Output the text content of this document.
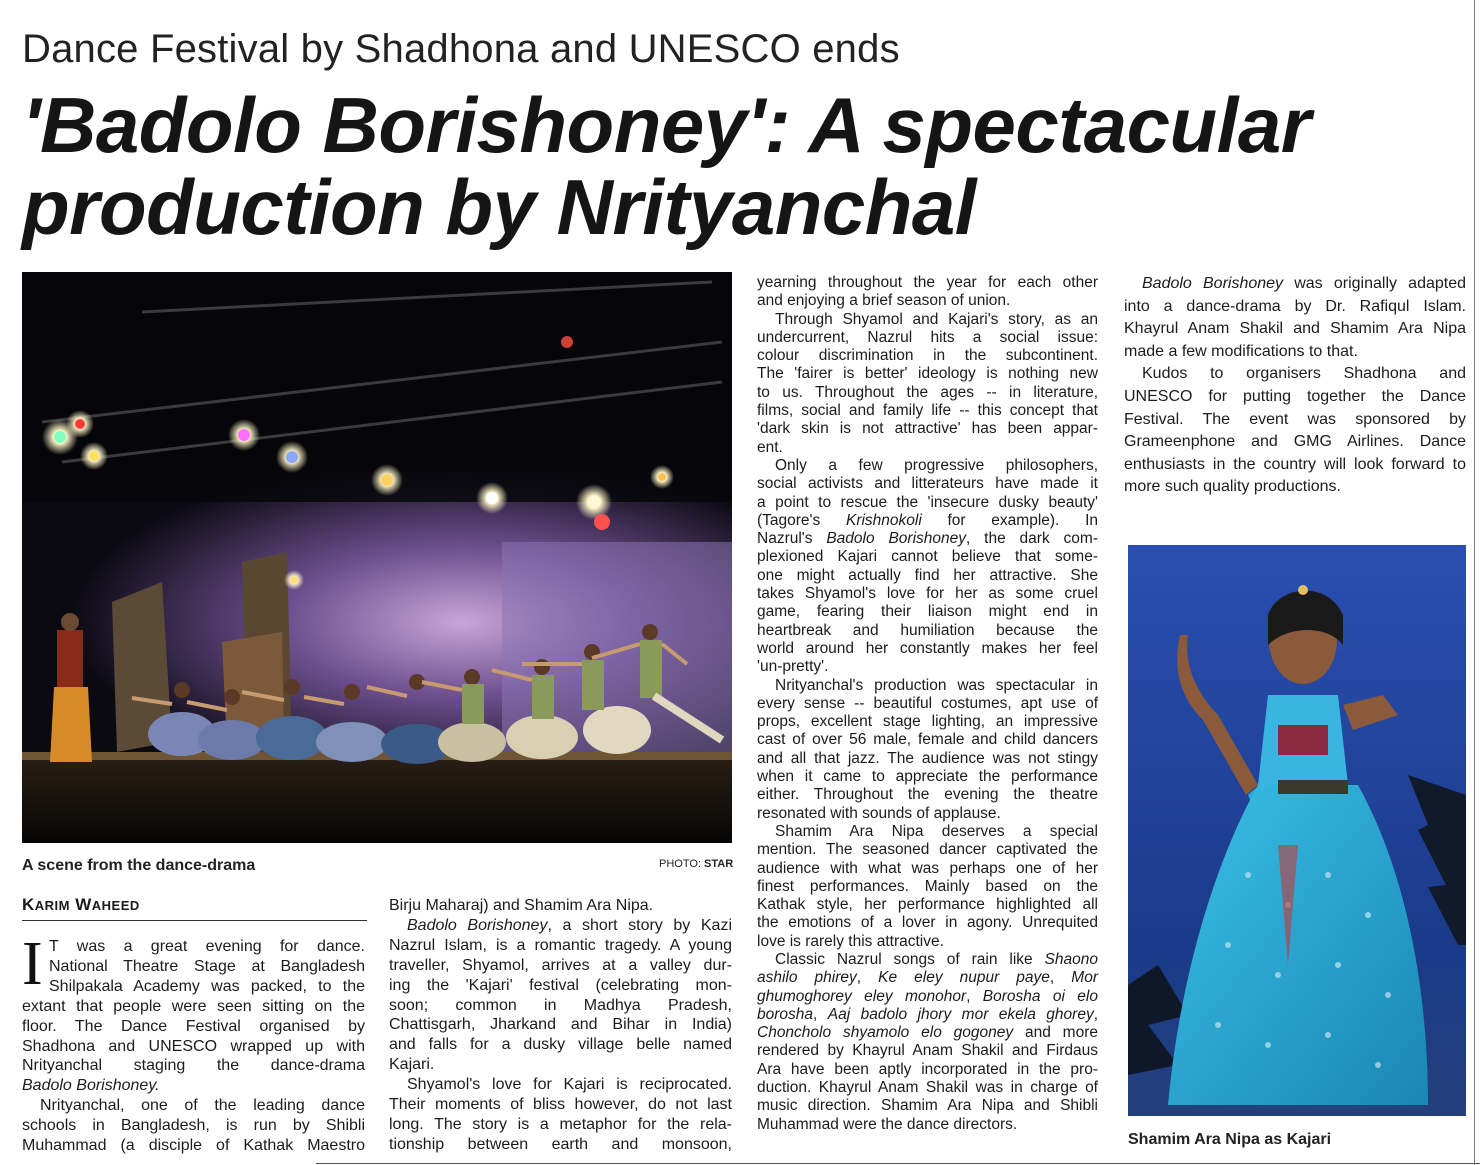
Dance Festival by Shadhona and UNESCO ends
'Badolo Borishoney': A spectacular production by Nrityanchal
A scene from the dance-drama	PHOTO: STAR
KARIM WAHEED
I T was a great evening for dance.
National Theatre Stage at Bangladesh
Shilpakala Academy was packed, to the
extant that people were seen sitting on the
floor. The Dance Festival organised by
Shadhona and UNESCO wrapped up with
Nrityanchal staging the dance-drama
Badolo Borishoney.
Nrityanchal, one of the leading dance
schools in Bangladesh, is run by Shibli
Muhammad (a disciple of Kathak Maestro
Birju Maharaj) and Shamim Ara Nipa.
Badolo Borishoney, a short story by Kazi
Nazrul Islam, is a romantic tragedy. A young
traveller, Shyamol, arrives at a valley dur-
ing the 'Kajari' festival (celebrating mon-
soon; common in Madhya Pradesh,
Chattisgarh, Jharkand and Bihar in India)
and falls for a dusky village belle named
Kajari.
Shyamol's love for Kajari is reciprocated.
Their moments of bliss however, do not last
long. The story is a metaphor for the rela-
tionship between earth and monsoon,
yearning throughout the year for each other
and enjoying a brief season of union.
Through Shyamol and Kajari's story, as an
undercurrent, Nazrul hits a social issue:
colour discrimination in the subcontinent.
The 'fairer is better' ideology is nothing new
to us. Throughout the ages -- in literature,
films, social and family life -- this concept that
'dark skin is not attractive' has been appar-
ent.
Only a few progressive philosophers,
social activists and litterateurs have made it
a point to rescue the 'insecure dusky beauty'
(Tagore's Krishnokoli for example). In
Nazrul's Badolo Borishoney, the dark com-
plexioned Kajari cannot believe that some-
one might actually find her attractive. She
takes Shyamol's love for her as some cruel
game, fearing their liaison might end in
heartbreak and humiliation because the
world around her constantly makes her feel
'un-pretty'.
Nrityanchal's production was spectacular in
every sense -- beautiful costumes, apt use of
props, excellent stage lighting, an impressive
cast of over 56 male, female and child dancers
and all that jazz. The audience was not stingy
when it came to appreciate the performance
either. Throughout the evening the theatre
resonated with sounds of applause.
Shamim Ara Nipa deserves a special
mention. The seasoned dancer captivated the
audience with what was perhaps one of her
finest performances. Mainly based on the
Kathak style, her performance highlighted all
the emotions of a lover in agony. Unrequited
love is rarely this attractive.
Classic Nazrul songs of rain like Shaono
ashilo phirey, Ke eley nupur paye, Mor
ghumoghorey eley monohor, Borosha oi elo
borosha, Aaj badolo jhory mor ekela ghorey,
Choncholo shyamolo elo gogoney and more
rendered by Khayrul Anam Shakil and Firdaus
Ara have been aptly incorporated in the pro-
duction. Khayrul Anam Shakil was in charge of
music direction. Shamim Ara Nipa and Shibli
Muhammad were the dance directors.
Badolo Borishoney was originally adapted
into a dance-drama by Dr. Rafiqul Islam.
Khayrul Anam Shakil and Shamim Ara Nipa
made a few modifications to that.
Kudos to organisers Shadhona and
UNESCO for putting together the Dance
Festival. The event was sponsored by
Grameenphone and GMG Airlines. Dance
enthusiasts in the country will look forward to
more such quality productions.
Shamim Ara Nipa as Kajari
